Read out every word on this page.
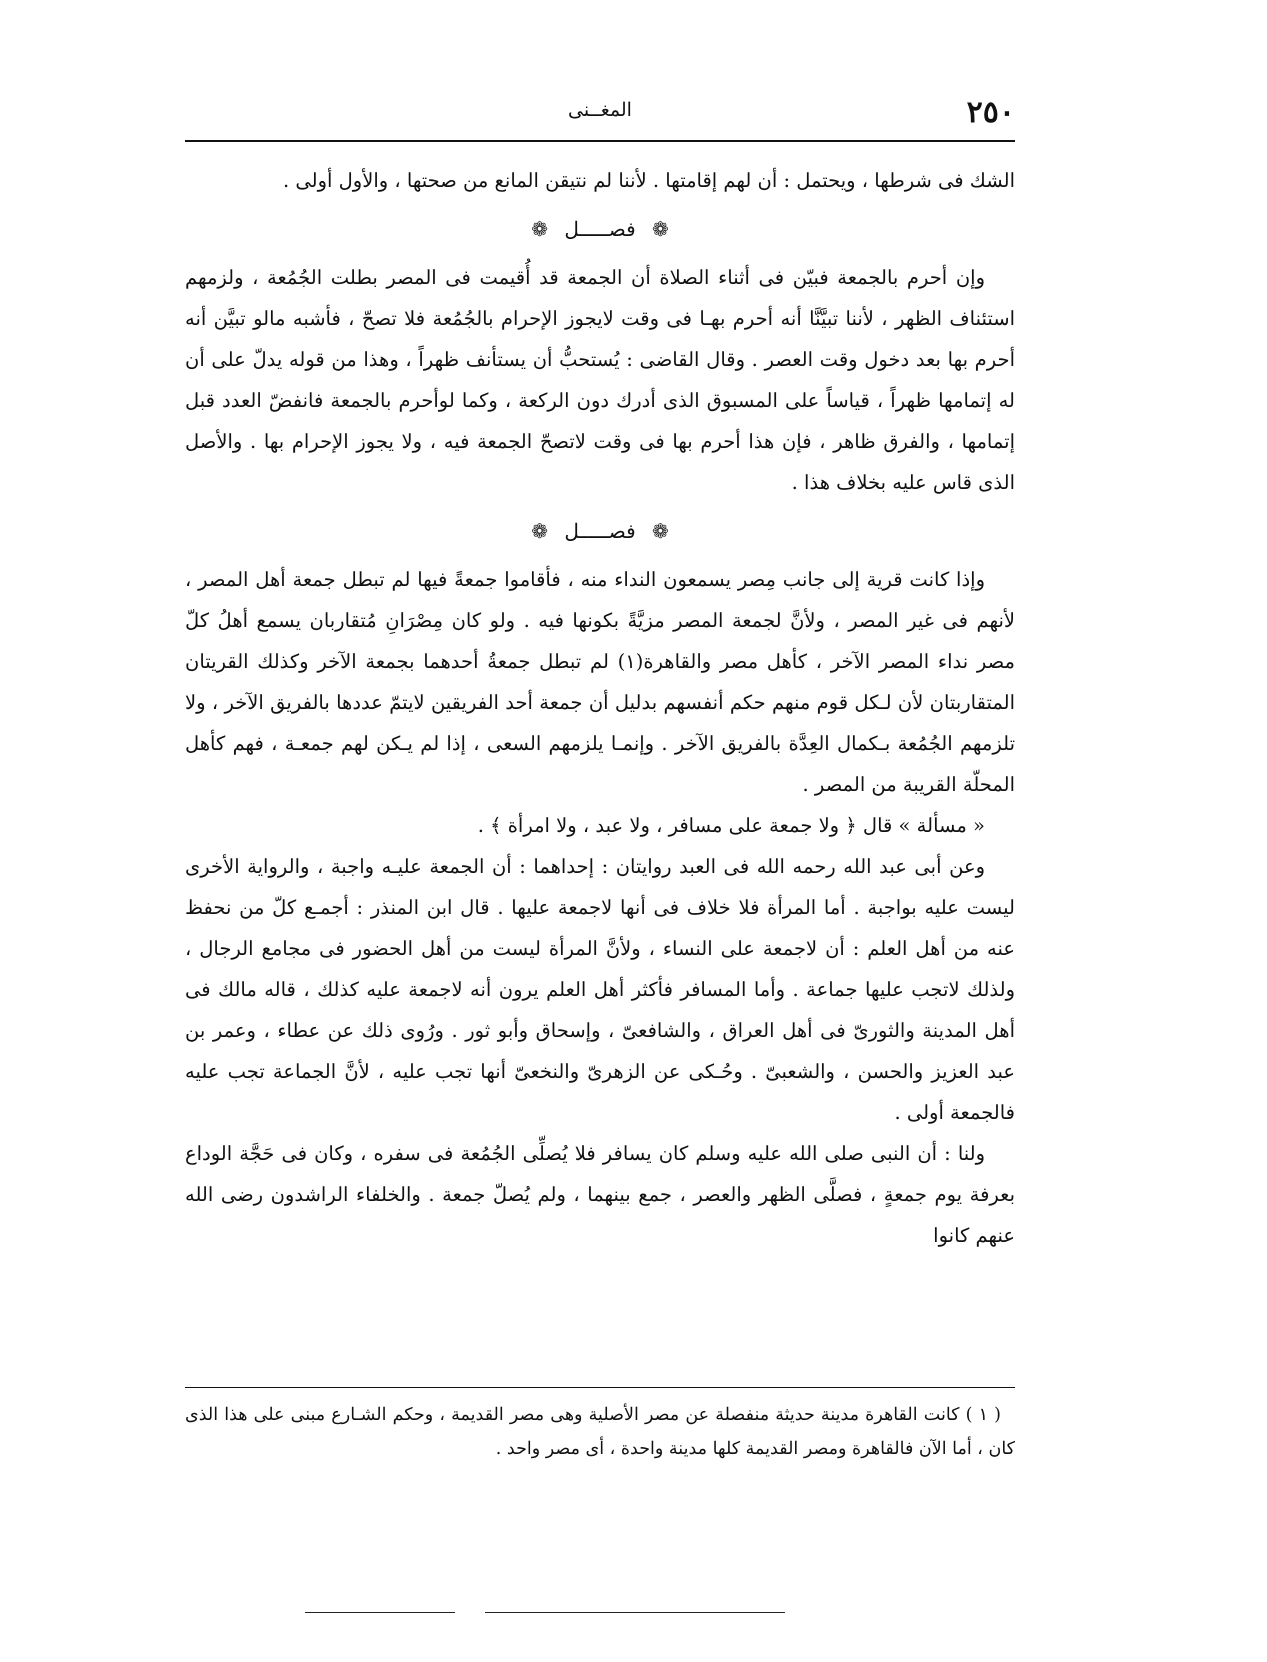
٢٥٠
المغــنى

الشك فى شرطها ، ويحتمل : أن لهم إقامتها . لأننا لم نتيقن المانع من صحتها ، والأول أولى .

❁ فصـــــل ❁

وإن أحرم بالجمعة فبيّن فى أثناء الصلاة أن الجمعة قد أُقيمت فى المصر بطلت الجُمُعة ، ولزمهم استئناف الظهر ، لأننا تبيَّنَّا أنه أحرم بهـا فى وقت لايجوز الإحرام بالجُمُعة فلا تصحّ ، فأشبه مالو تبيَّن أنه أحرم بها بعد دخول وقت العصر . وقال القاضى : يُستحبُّ أن يستأنف ظهراً ، وهذا من قوله يدلّ على أن له إتمامها ظهراً ، قياساً على المسبوق الذى أدرك دون الركعة ، وكما لوأحرم بالجمعة فانفضّ العدد قبل إتمامها ، والفرق ظاهر ، فإن هذا أحرم بها فى وقت لاتصحّ الجمعة فيه ، ولا يجوز الإحرام بها . والأصل الذى قاس عليه بخلاف هذا .

❁ فصـــــل ❁

وإذا كانت قرية إلى جانب مِصر يسمعون النداء منه ، فأقاموا جمعةً فيها لم تبطل جمعة أهل المصر ، لأنهم فى غير المصر ، ولأنَّ لجمعة المصر مزيَّةً بكونها فيه . ولو كان مِصْرَانِ مُتقاربان يسمع أهلُ كلّ مصر نداء المصر الآخر ، كأهل مصر والقاهرة(١) لم تبطل جمعةُ أحدهما بجمعة الآخر وكذلك القريتان المتقاربتان لأن لـكل قوم منهم حكم أنفسهم بدليل أن جمعة أحد الفريقين لايتمّ عددها بالفريق الآخر ، ولا تلزمهم الجُمُعة بـكمال العِدَّة بالفريق الآخر . وإنمـا يلزمهم السعى ، إذا لم يـكن لهم جمعـة ، فهم كأهل المحلّة القريبة من المصر .

« مسألة » قال ﴿ ولا جمعة على مسافر ، ولا عبد ، ولا امرأة ﴾ .

وعن أبى عبد الله رحمه الله فى العبد روايتان : إحداهما : أن الجمعة عليـه واجبة ، والرواية الأخرى ليست عليه بواجبة . أما المرأة فلا خلاف فى أنها لاجمعة عليها . قال ابن المنذر : أجمـع كلّ من نحفظ عنه من أهل العلم : أن لاجمعة على النساء ، ولأنَّ المرأة ليست من أهل الحضور فى مجامع الرجال ، ولذلك لاتجب عليها جماعة . وأما المسافر فأكثر أهل العلم يرون أنه لاجمعة عليه كذلك ، قاله مالك فى أهل المدينة والثورىّ فى أهل العراق ، والشافعىّ ، وإسحاق وأبو ثور . ورُوى ذلك عن عطاء ، وعمر بن عبد العزيز والحسن ، والشعبىّ . وحُـكى عن الزهرىّ والنخعىّ أنها تجب عليه ، لأنَّ الجماعة تجب عليه فالجمعة أولى .

ولنا : أن النبى صلى الله عليه وسلم كان يسافر فلا يُصلِّى الجُمُعة فى سفره ، وكان فى حَجَّة الوداع بعرفة يوم جمعةٍ ، فصلَّى الظهر والعصر ، جمع بينهما ، ولم يُصلّ جمعة . والخلفاء الراشدون رضى الله عنهم كانوا

( ١ ) كانت القاهرة مدينة حديثة منفصلة عن مصر الأصلية وهى مصر القديمة ، وحكم الشـارع مبنى على هذا الذى كان ، أما الآن فالقاهرة ومصر القديمة كلها مدينة واحدة ، أى مصر واحد .
